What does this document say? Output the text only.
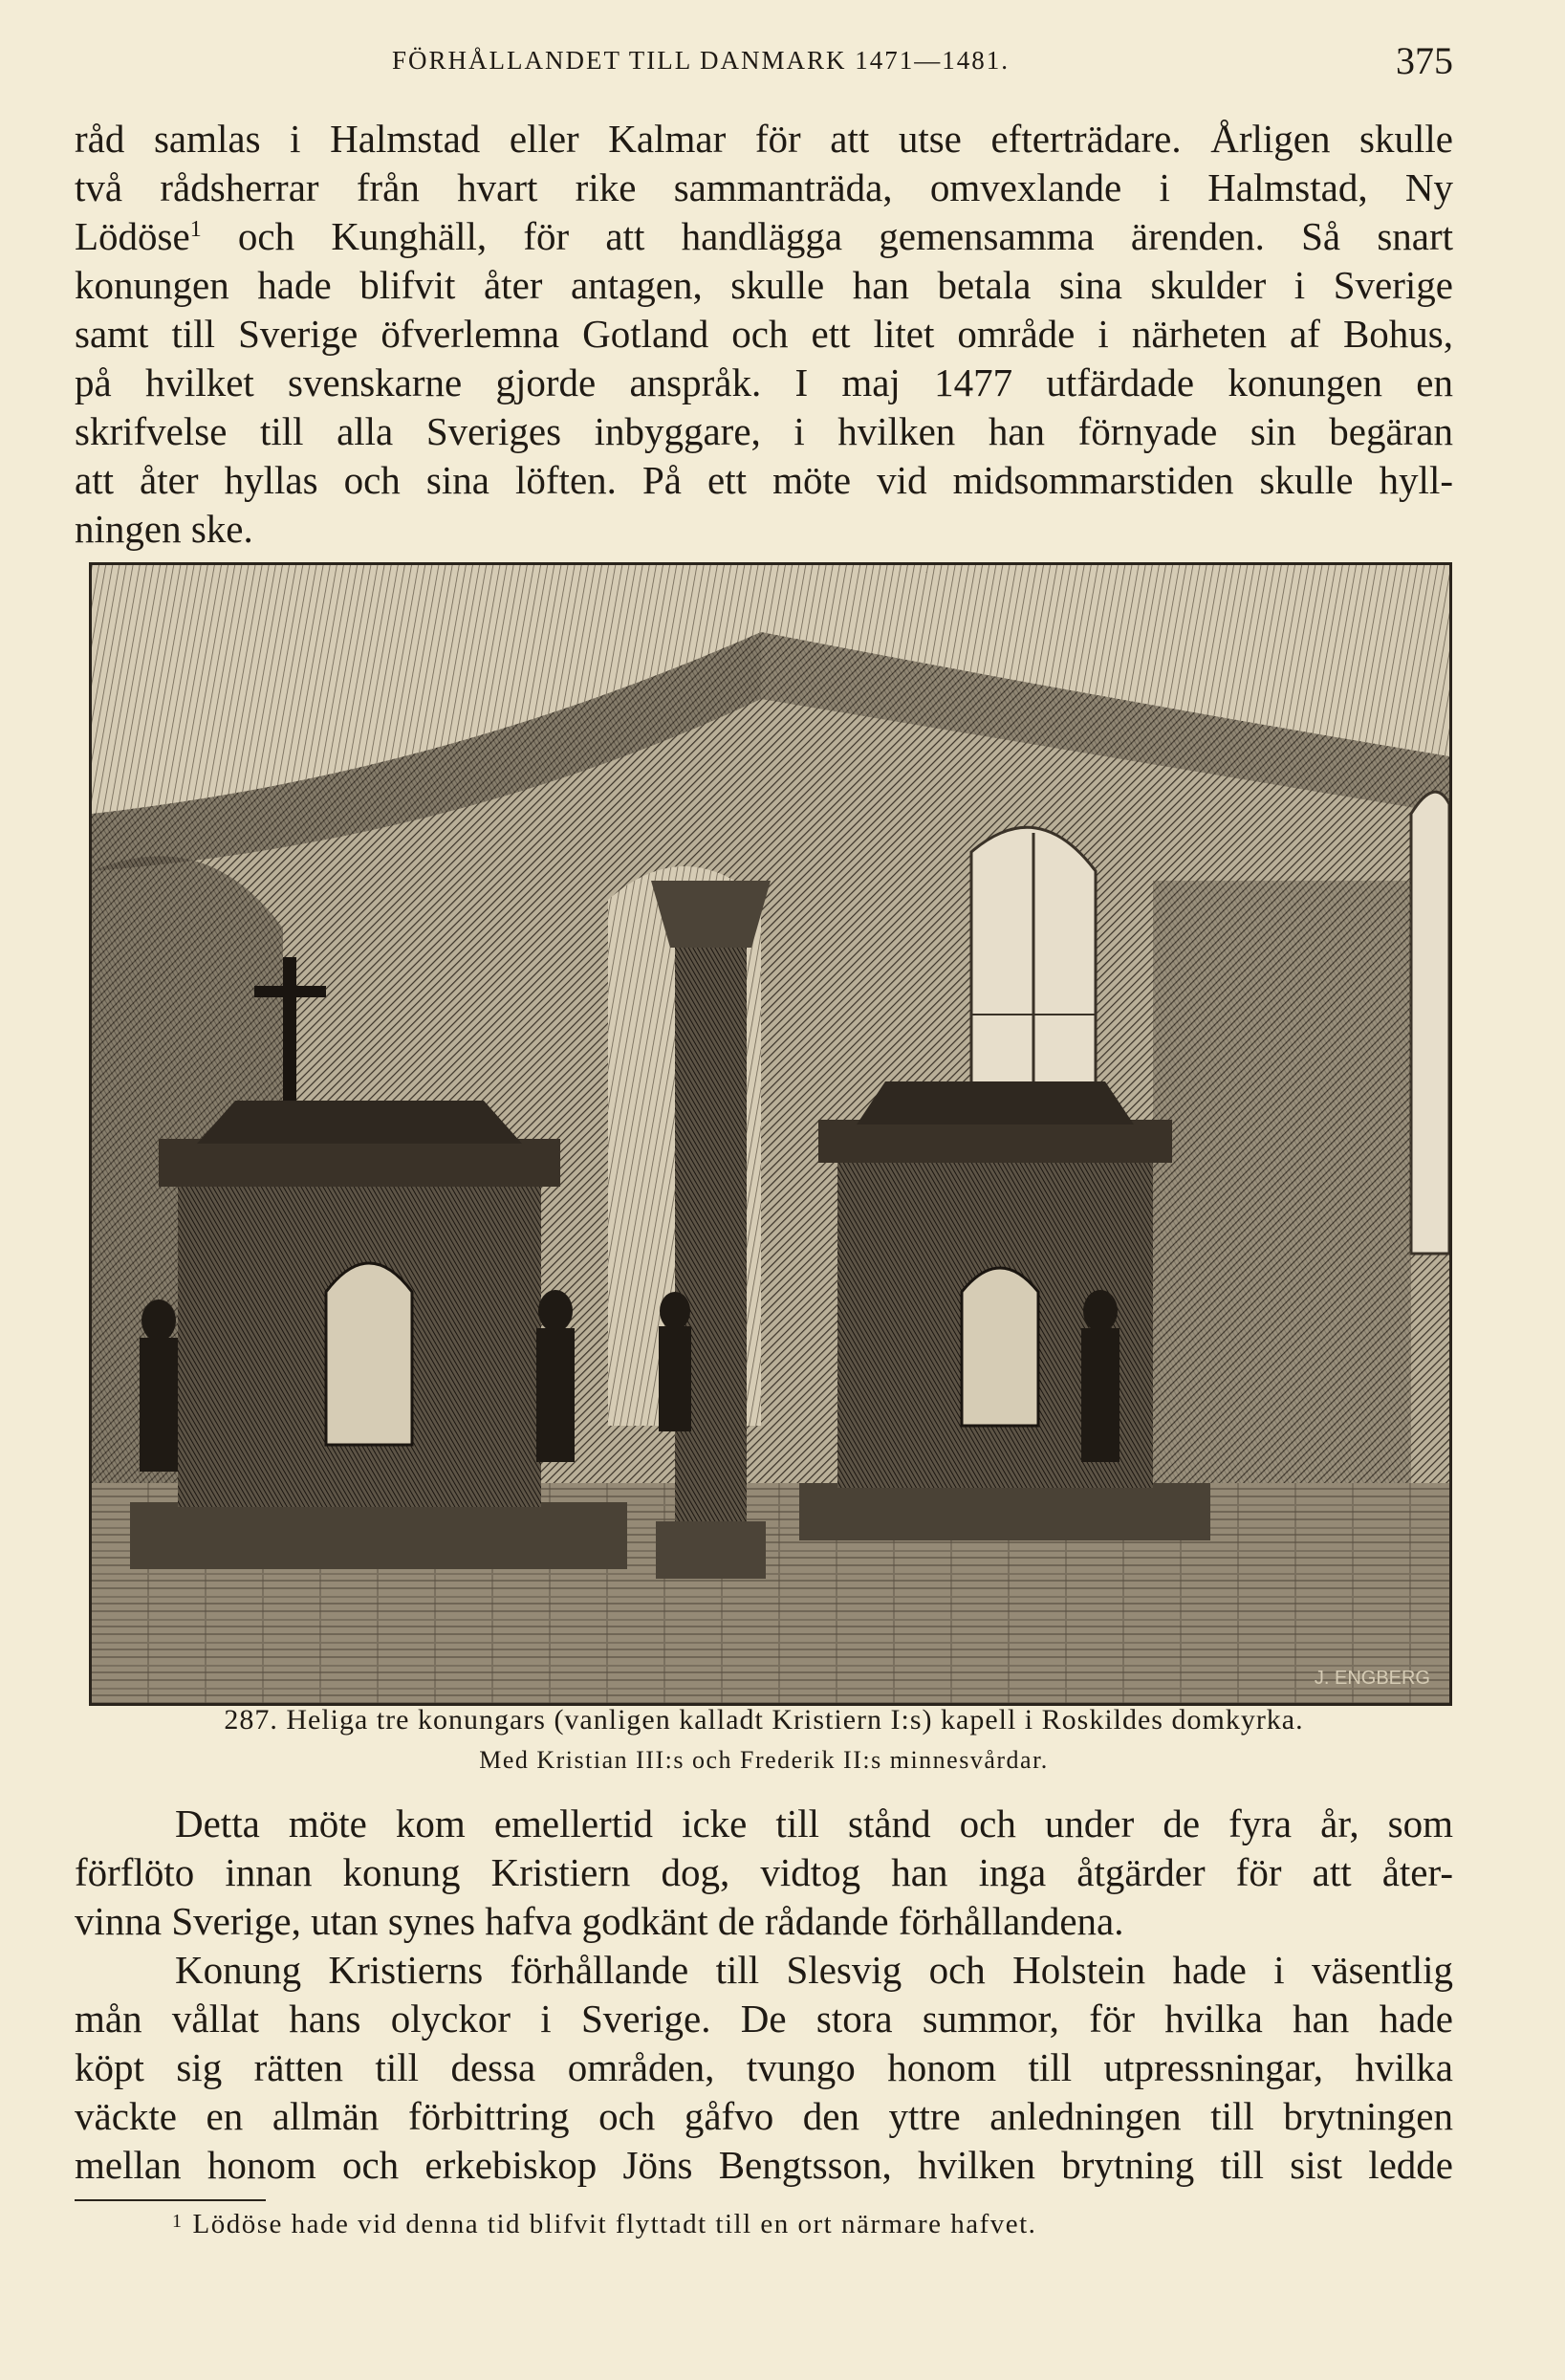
FÖRHÅLLANDET TILL DANMARK 1471—1481.	375
råd samlas i Halmstad eller Kalmar för att utse efterträdare. Årligen skulle
två rådsherrar från hvart rike sammanträda, omvexlande i Halmstad, Ny
Lödöse$^1$ och Kunghäll, för att handlägga gemensamma ärenden. Så snart
konungen hade blifvit åter antagen, skulle han betala sina skulder i Sverige
samt till Sverige öfverlemna Gotland och ett litet område i närheten af Bohus,
på hvilket svenskarne gjorde anspråk. I maj 1477 utfärdade konungen en
skrifvelse till alla Sveriges inbyggare, i hvilken han förnyade sin begäran
att åter hyllas och sina löften. På ett möte vid midsommarstiden skulle hyll-
ningen ske.
J. ENGBERG
287. Heliga tre konungars (vanligen kalladt Kristiern I:s) kapell i Roskildes domkyrka.
Med Kristian III:s och Frederik II:s minnesvårdar.
Detta möte kom emellertid icke till stånd och under de fyra år, som
förflöto innan konung Kristiern dog, vidtog han inga åtgärder för att åter-
vinna Sverige, utan synes hafva godkänt de rådande förhållandena.
Konung Kristierns förhållande till Slesvig och Holstein hade i väsentlig
mån vållat hans olyckor i Sverige. De stora summor, för hvilka han hade
köpt sig rätten till dessa områden, tvungo honom till utpressningar, hvilka
väckte en allmän förbittring och gåfvo den yttre anledningen till brytningen
mellan honom och erkebiskop Jöns Bengtsson, hvilken brytning till sist ledde
$^1$ Lödöse hade vid denna tid blifvit flyttadt till en ort närmare hafvet.
